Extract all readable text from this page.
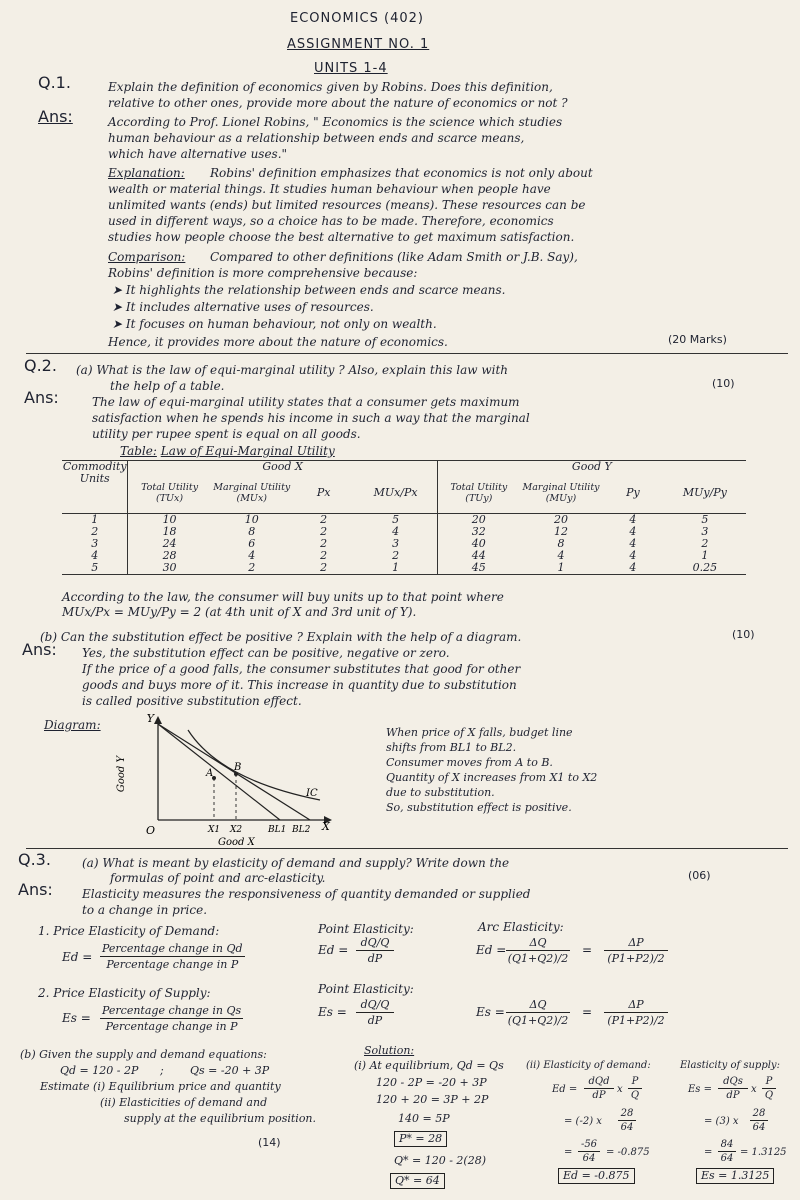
ECONOMICS (402)
ASSIGNMENT NO. 1
UNITS 1-4
Q.1.	Explain the definition of economics given by Robins. Does this definition,
relative to other ones, provide more about the nature of economics or not ?
Ans:	According to Prof. Lionel Robins, " Economics is the science which studies
human behaviour as a relationship between ends and scarce means,
which have alternative uses."
Explanation: Robins' definition emphasizes that economics is not only about
wealth or material things. It studies human behaviour when people have
unlimited wants (ends) but limited resources (means). These resources can be
used in different ways, so a choice has to be made. Therefore, economics
studies how people choose the best alternative to get maximum satisfaction.
Comparison: Compared to other definitions (like Adam Smith or J.B. Say),
Robins' definition is more comprehensive because:
➤ It highlights the relationship between ends and scarce means.
➤ It includes alternative uses of resources.
➤ It focuses on human behaviour, not only on wealth.
Hence, it provides more about the nature of economics.	(20 Marks)
Q.2. (a) What is the law of equi-marginal utility ? Also, explain this law with
the help of a table.	(10)
Ans:	The law of equi-marginal utility states that a consumer gets maximum
satisfaction when he spends his income in such a way that the marginal
utility per rupee spent is equal on all goods.
Table: Law of Equi-Marginal Utility
Commodity
Units	Good X				Good Y			
	Total Utility (TUx)	Marginal Utility (MUx)	Px	MUx/Px	Total Utility (TUy)	Marginal Utility (MUy)	Py	MUy/Py
1	10	10	2	5	20	20	4	5
2	18	8	2	4	32	12	4	3
3	24	6	2	3	40	8	4	2
4	28	4	2	2	44	4	4	1
5	30	2	2	1	45	1	4	0.25
According to the law, the consumer will buy units up to that point where
MUx/Px = MUy/Py = 2 (at 4th unit of X and 3rd unit of Y).
(b) Can the substitution effect be positive ? Explain with the help of a diagram.	(10)
Ans: Yes, the substitution effect can be positive, negative or zero.
If the price of a good falls, the consumer substitutes that good for other
goods and buys more of it. This increase in quantity due to substitution
is called positive substitution effect.
Diagram:	Y
X
O
Good Y	A
B
IC
X1 X2	BL1 BL2
Good X
When price of X falls, budget line
shifts from BL1 to BL2.
Consumer moves from A to B.
Quantity of X increases from X1 to X2
due to substitution.
So, substitution effect is positive.
Q.3.	(a) What is meant by elasticity of demand and supply? Write down the
formulas of point and arc-elasticity.	(06)
Ans: Elasticity measures the responsiveness of quantity demanded or supplied
to a change in price.
1. Price Elasticity of Demand:
Ed =
Percentage change in Qd
Percentage change in P
Point Elasticity:
$Ed = \frac{dQ/Q}{dP}$
Arc Elasticity:
$Ed = \frac{\Delta Q}{(Q1+Q2)/2} = \frac{\Delta P}{(P1+P2)/2}$
2. Price Elasticity of Supply:
Es =
Percentage change in Qs
Percentage change in P
Point Elasticity:
$Es = \frac{dQ/Q}{dP}$	$Es = \frac{\Delta Q}{(Q1+Q2)/2} = \frac{\Delta P}{(P1+P2)/2}$
(b) Given the supply and demand equations:
Qd = 120 - 2P ; Qs = -20 + 3P
Estimate (i) Equilibrium price and quantity
(ii) Elasticities of demand and
supply at the equilibrium position.
(14)
Solution:
(i) At equilibrium, Qd = Qs
120 - 2P = -20 + 3P
120 + 20 = 3P + 2P
140 = 5P
P* = 28
Q* = 120 - 2(28)
Q* = 64
(ii) Elasticity of demand:
Ed =
dQd
dP
x $\frac{P}{Q}$
= (-2) x $\frac{28}{64}$
= $\frac{-56}{64} = -0.875$
Ed = -0.875
Elasticity of supply:
Es =
dQs
dP
x $\frac{P}{Q}$
= (3) x $\frac{28}{64}$
= $\frac{84}{64} = 1.3125$
Es = 1.3125
